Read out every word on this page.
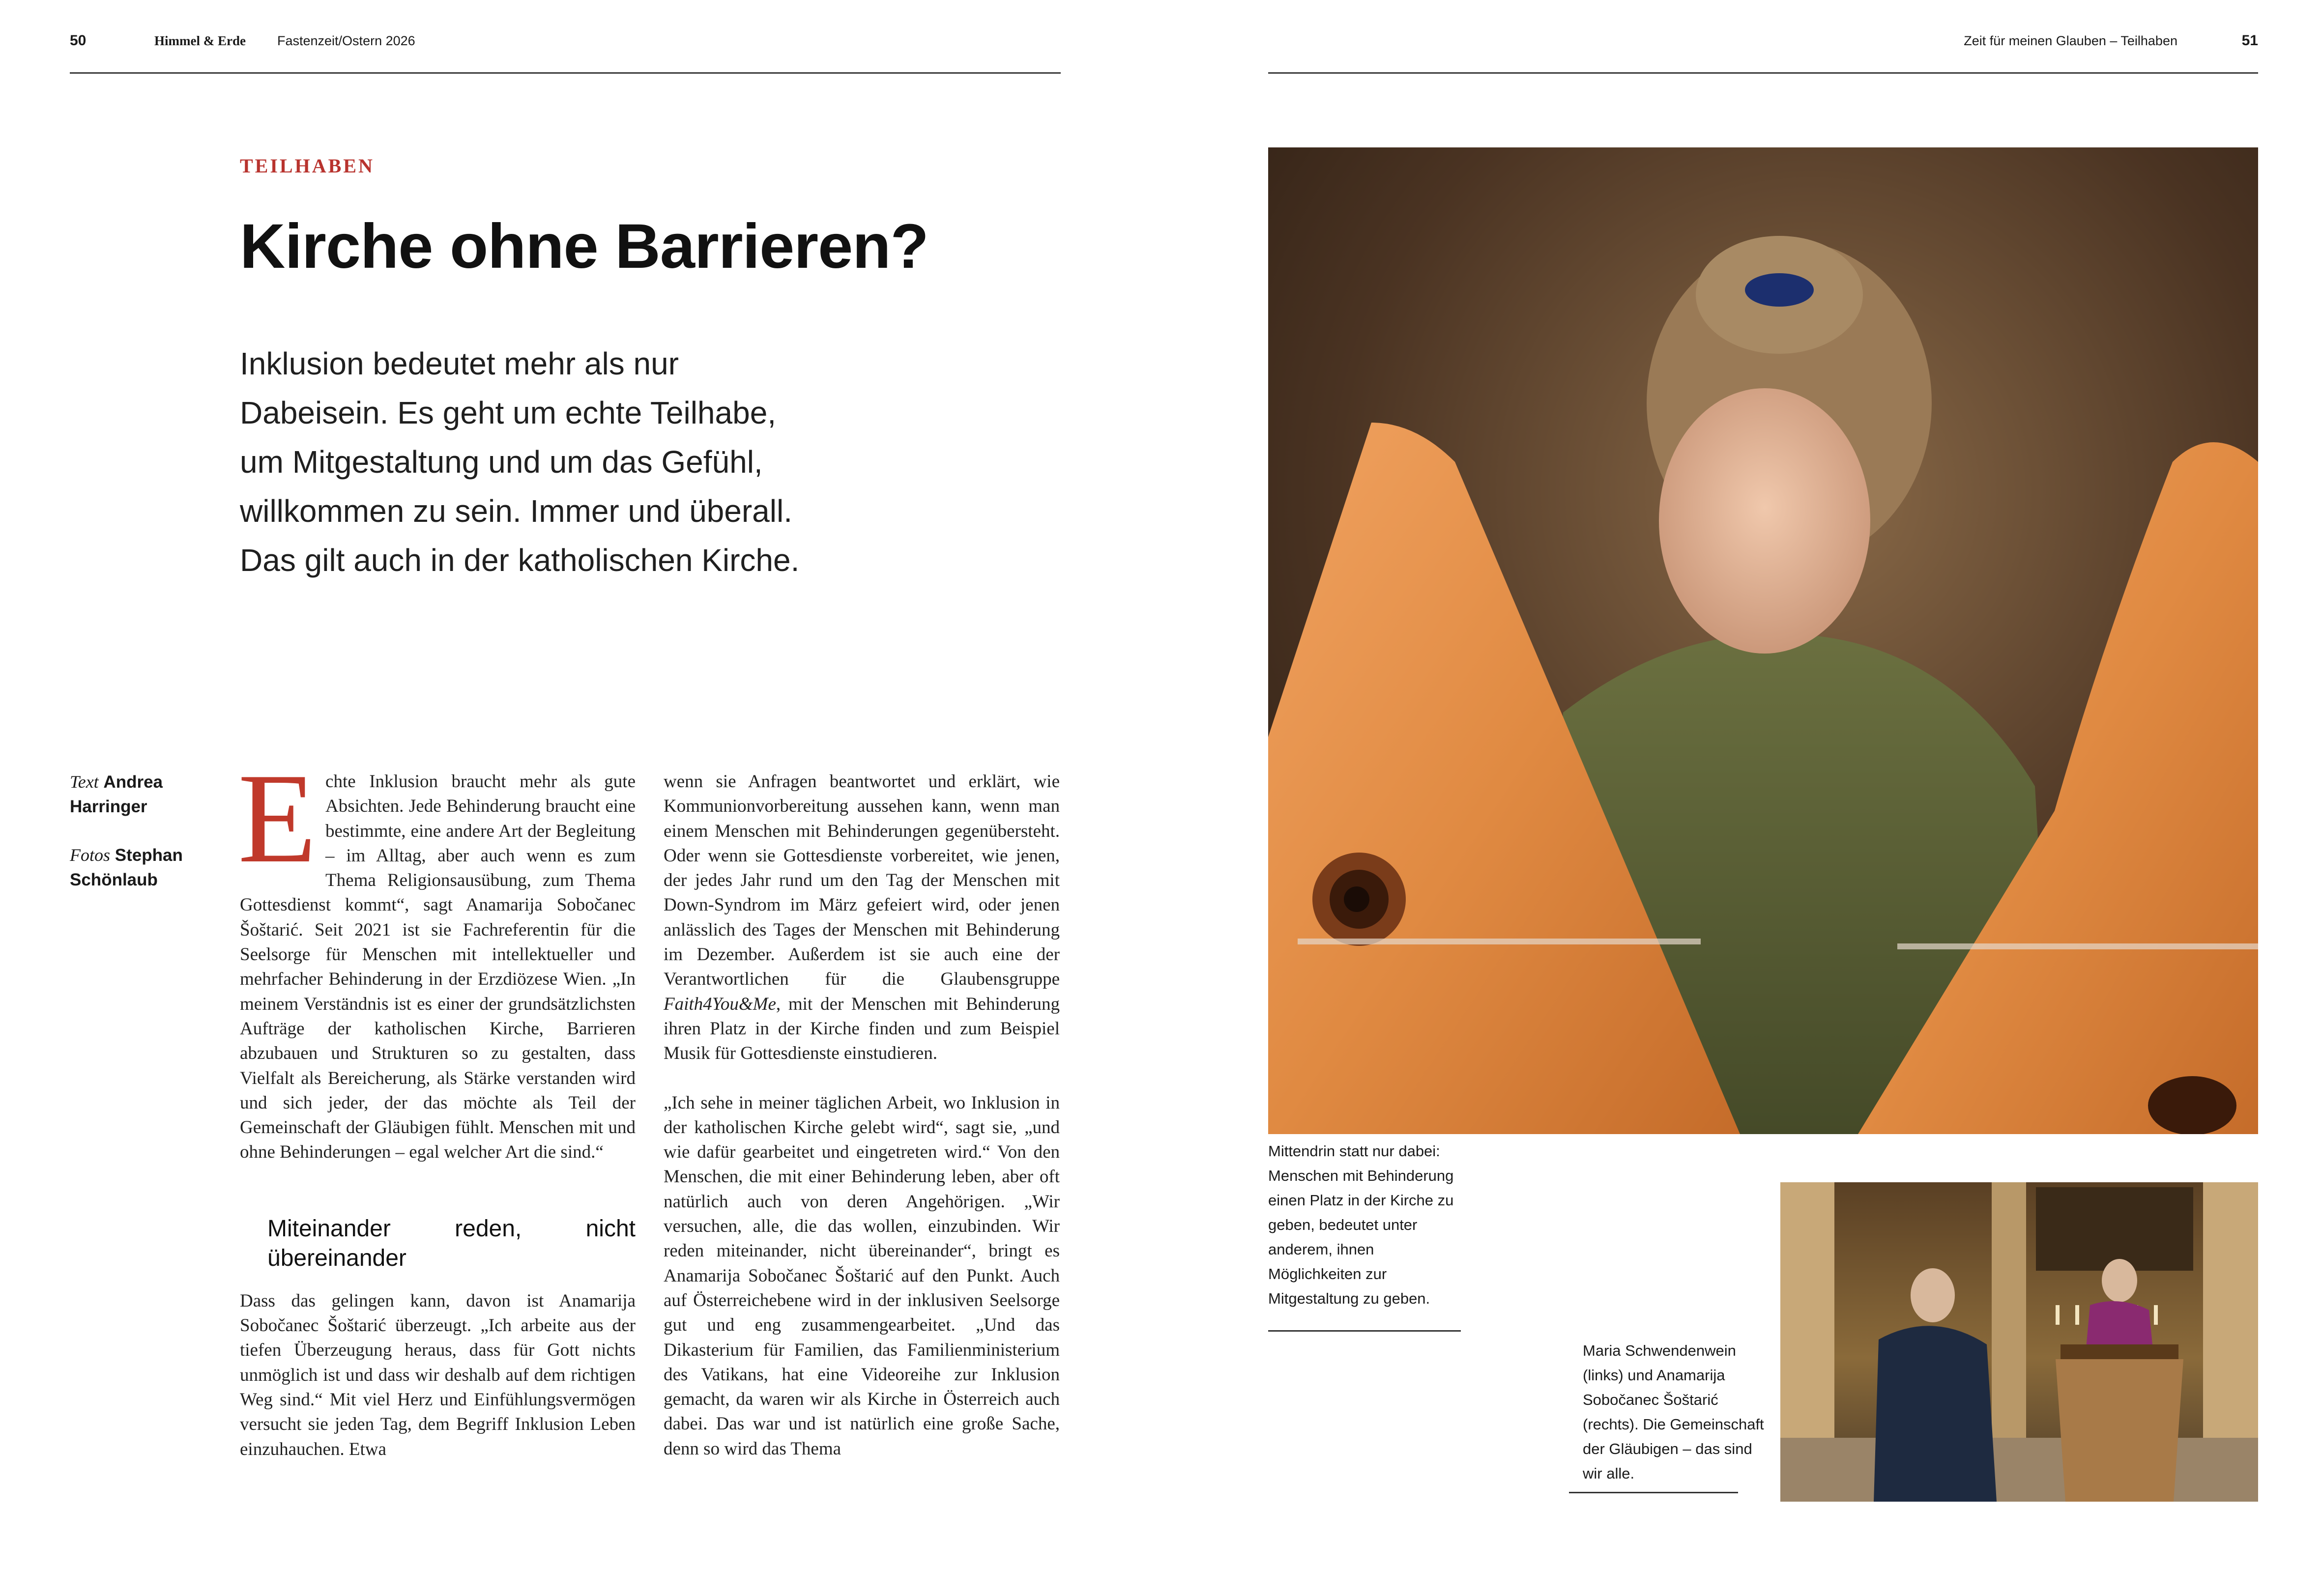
50	Himmel & Erde Fastenzeit/Ostern 2026	Zeit für meinen Glauben – Teilhaben	51
TEILHABEN
Kirche ohne Barrieren?
Inklusion bedeutet mehr als nur Dabeisein. Es geht um echte Teilhabe, um Mitgestaltung und um das Gefühl, willkommen zu sein. Immer und überall. Das gilt auch in der katholischen Kirche.

Text Andrea Harringer

Fotos Stephan Schönlaub E chte Inklusion braucht mehr als gute Absichten. Jede Behinderung braucht eine bestimmte, eine andere Art der Begleitung – im Alltag, aber auch wenn es zum Thema Religionsausübung, zum Thema Gottesdienst kommt“, sagt Anamarija Sobočanec Šoštarić. Seit 2021 ist sie Fachreferentin für die Seelsorge für Menschen mit intellektueller und mehrfacher Behinderung in der Erzdiözese Wien. „In meinem Verständnis ist es einer der grundsätzlichsten Aufträge der katholischen Kirche, Barrieren abzubauen und Strukturen so zu gestalten, dass Vielfalt als Bereicherung, als Stärke verstanden wird und sich jeder, der das möchte als Teil der Gemeinschaft der Gläubigen fühlt. Menschen mit und ohne Behinderungen – egal welcher Art die sind.“

Miteinander reden, nicht übereinander

Dass das gelingen kann, davon ist Anamarija Sobočanec Šoštarić überzeugt. „Ich arbeite aus der tiefen Überzeugung heraus, dass für Gott nichts unmöglich ist und dass wir deshalb auf dem richtigen Weg sind.“ Mit viel Herz und Einfühlungsvermögen versucht sie jeden Tag, dem Begriff Inklusion Leben einzuhauchen. Etwa

wenn sie Anfragen beantwortet und erklärt, wie Kommunionvorbereitung aussehen kann, wenn man einem Menschen mit Behinderungen gegenübersteht. Oder wenn sie Gottesdienste vorbereitet, wie jenen, der jedes Jahr rund um den Tag der Menschen mit Down-Syndrom im März gefeiert wird, oder jenen anlässlich des Tages der Menschen mit Behinderung im Dezember. Außerdem ist sie auch eine der Verantwortlichen für die Glaubensgruppe Faith4You&Me, mit der Menschen mit Behinderung ihren Platz in der Kirche finden und zum Beispiel Musik für Gottesdienste einstudieren.

„Ich sehe in meiner täglichen Arbeit, wo Inklusion in der katholischen Kirche gelebt wird“, sagt sie, „und wie dafür gearbeitet und eingetreten wird.“ Von den Menschen, die mit einer Behinderung leben, aber oft natürlich auch von deren Angehörigen. „Wir versuchen, alle, die das wollen, einzubinden. Wir reden miteinander, nicht übereinander“, bringt es Anamarija Sobočanec Šoštarić auf den Punkt. Auch auf Österreichebene wird in der inklusiven Seelsorge gut und eng zusammengearbeitet. „Und das Dikasterium für Familien, das Familienministerium des Vatikans, hat eine Videoreihe zur Inklusion gemacht, da waren wir als Kirche in Österreich auch dabei. Das war und ist natürlich eine große Sache, denn so wird das Thema

Mittendrin statt nur dabei: Menschen mit Behinderung einen Platz in der Kirche zu geben, bedeutet unter anderem, ihnen Möglichkeiten zur Mitgestaltung zu geben.
Maria Schwendenwein (links) und Anamarija Sobočanec Šoštarić (rechts). Die Gemeinschaft der Gläubigen – das sind wir alle.
